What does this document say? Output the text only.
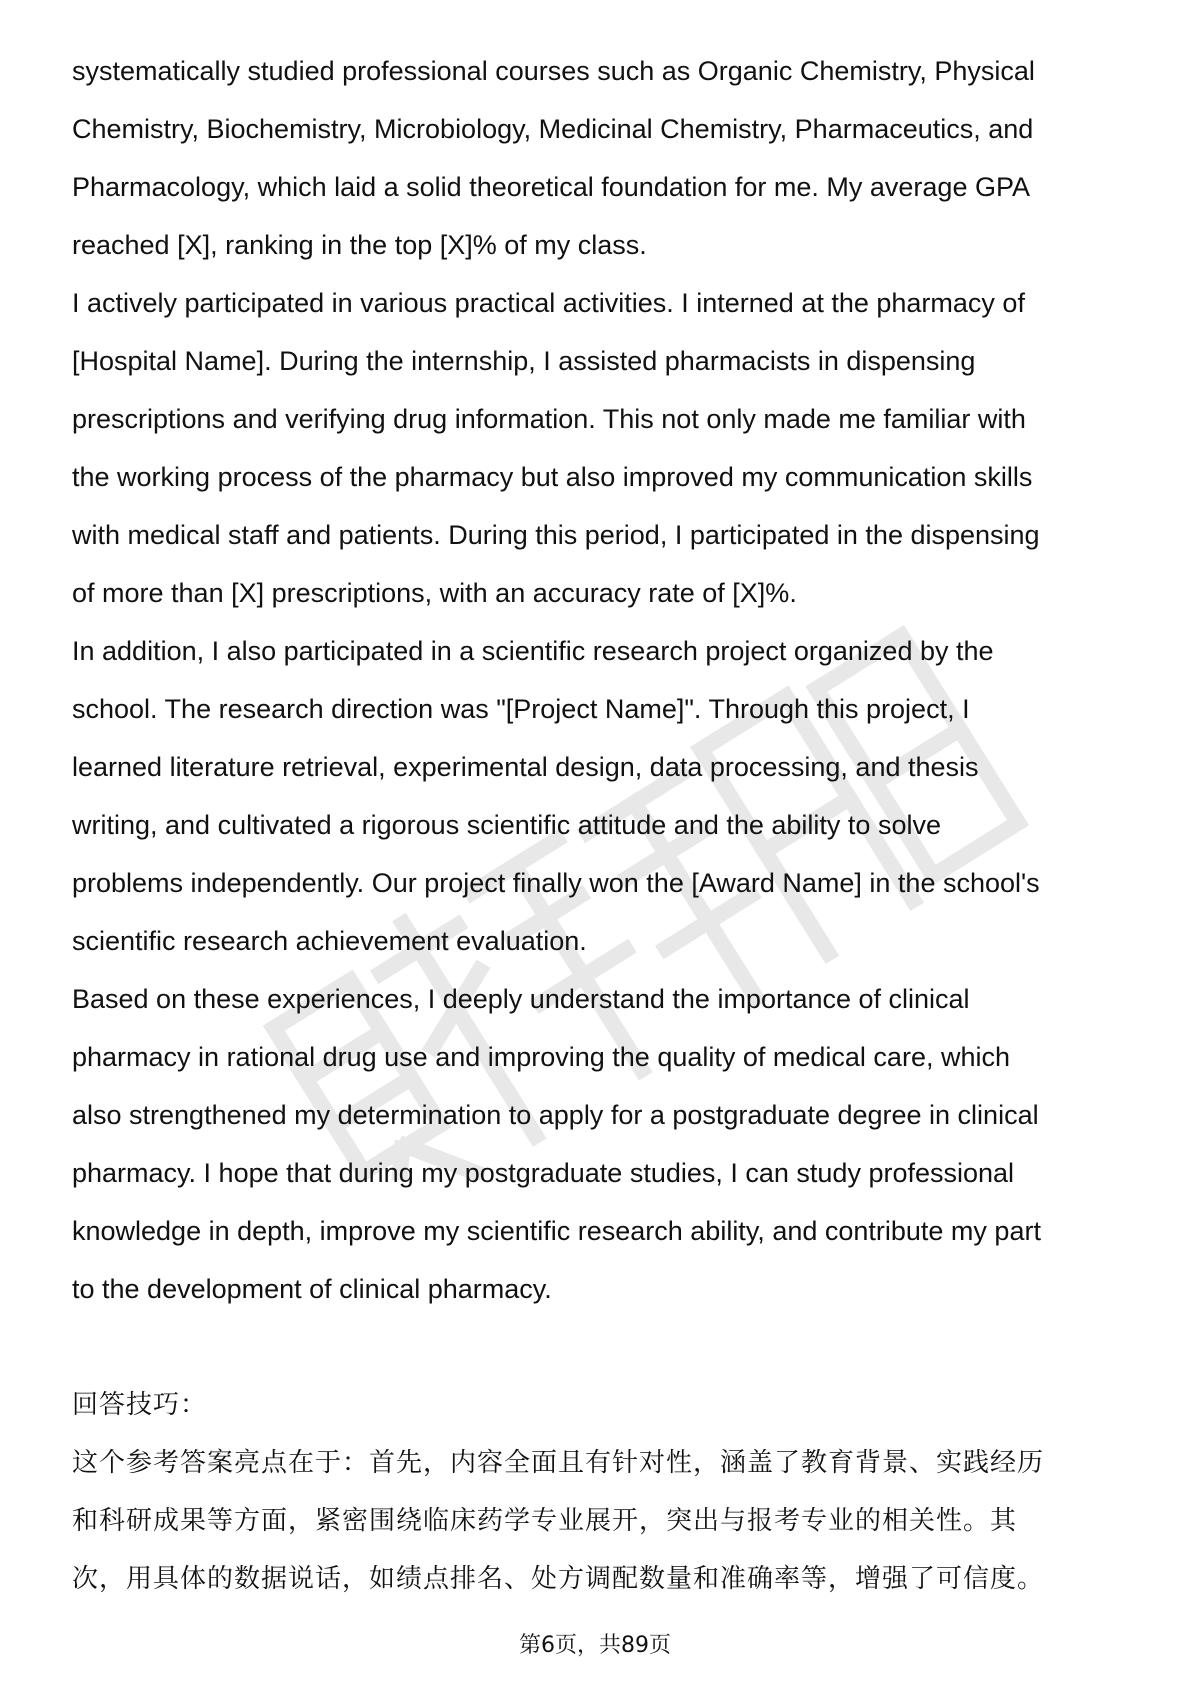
systematically studied professional courses such as Organic Chemistry, Physical
Chemistry, Biochemistry, Microbiology, Medicinal Chemistry, Pharmaceutics, and
Pharmacology, which laid a solid theoretical foundation for me. My average GPA
reached [X], ranking in the top [X]% of my class.
I actively participated in various practical activities. I interned at the pharmacy of
[Hospital Name]. During the internship, I assisted pharmacists in dispensing
prescriptions and verifying drug information. This not only made me familiar with
the working process of the pharmacy but also improved my communication skills
with medical staff and patients. During this period, I participated in the dispensing
of more than [X] prescriptions, with an accuracy rate of [X]%.
In addition, I also participated in a scientific research project organized by the
school. The research direction was "[Project Name]". Through this project, I
learned literature retrieval, experimental design, data processing, and thesis
writing, and cultivated a rigorous scientific attitude and the ability to solve
problems independently. Our project finally won the [Award Name] in the school's
scientific research achievement evaluation.
Based on these experiences, I deeply understand the importance of clinical
pharmacy in rational drug use and improving the quality of medical care, which
also strengthened my determination to apply for a postgraduate degree in clinical
pharmacy. I hope that during my postgraduate studies, I can study professional
knowledge in depth, improve my scientific research ability, and contribute my part
to the development of clinical pharmacy.
回答技巧：
这个参考答案亮点在于：首先，内容全面且有针对性，涵盖了教育背景、实践经历
和科研成果等方面，紧密围绕临床药学专业展开，突出与报考专业的相关性。其
次，用具体的数据说话，如绩点排名、处方调配数量和准确率等，增强了可信度。
第6页，共89页
